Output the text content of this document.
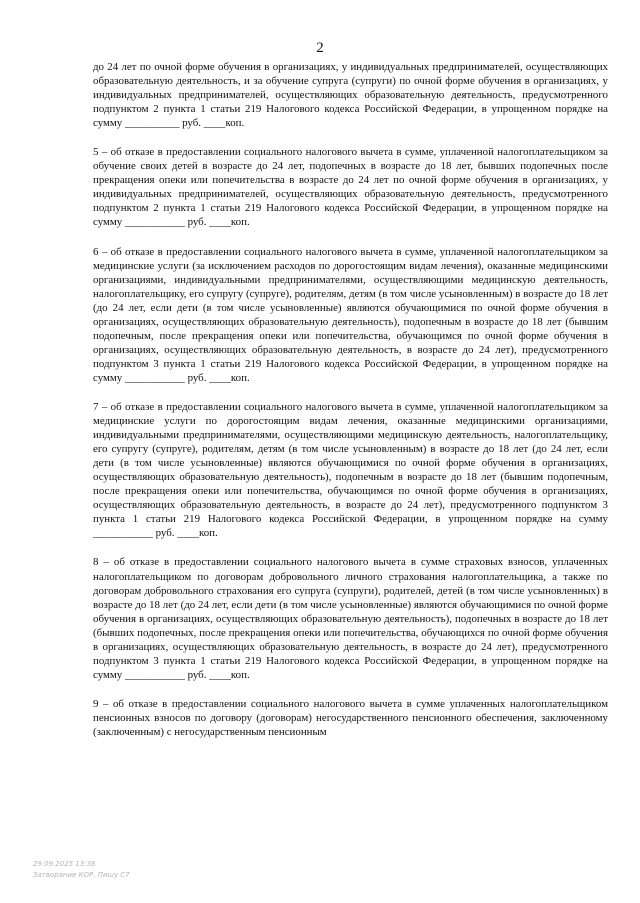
2

до 24 лет по очной форме обучения в организациях, у индивидуальных предпринимателей, осуществляющих образовательную деятельность, и за обучение супруга (супруги) по очной форме обучения в организациях, у индивидуальных предпринимателей, осуществляющих образовательную деятельность, предусмотренного подпунктом 2 пункта 1 статьи 219 Налогового кодекса Российской Федерации, в упрощенном порядке на сумму __________ руб. ____коп.

5 – об отказе в предоставлении социального налогового вычета в сумме, уплаченной налогоплательщиком за обучение своих детей в возрасте до 24 лет, подопечных в возрасте до 18 лет, бывших подопечных после прекращения опеки или попечительства в возрасте до 24 лет по очной форме обучения в организациях, у индивидуальных предпринимателей, осуществляющих образовательную деятельность, предусмотренного подпунктом 2 пункта 1 статьи 219 Налогового кодекса Российской Федерации, в упрощенном порядке на сумму ___________ руб. ____коп.

6 – об отказе в предоставлении социального налогового вычета в сумме, уплаченной налогоплательщиком за медицинские услуги (за исключением расходов по дорогостоящим видам лечения), оказанные медицинскими организациями, индивидуальными предпринимателями, осуществляющими медицинскую деятельность, налогоплательщику, его супругу (супруге), родителям, детям (в том числе усыновленным) в возрасте до 18 лет (до 24 лет, если дети (в том числе усыновленные) являются обучающимися по очной форме обучения в организациях, осуществляющих образовательную деятельность), подопечным в возрасте до 18 лет (бывшим подопечным, после прекращения опеки или попечительства, обучающимся по очной форме обучения в организациях, осуществляющих образовательную деятельность, в возрасте до 24 лет), предусмотренного подпунктом 3 пункта 1 статьи 219 Налогового кодекса Российской Федерации, в упрощенном порядке на сумму ___________ руб. ____коп.

7 – об отказе в предоставлении социального налогового вычета в сумме, уплаченной налогоплательщиком за медицинские услуги по дорогостоящим видам лечения, оказанные медицинскими организациями, индивидуальными предпринимателями, осуществляющими медицинскую деятельность, налогоплательщику, его супругу (супруге), родителям, детям (в том числе усыновленным) в возрасте до 18 лет (до 24 лет, если дети (в том числе усыновленные) являются обучающимися по очной форме обучения в организациях, осуществляющих образовательную деятельность), подопечным в возрасте до 18 лет (бывшим подопечным, после прекращения опеки или попечительства, обучающимся по очной форме обучения в организациях, осуществляющих образовательную деятельность, в возрасте до 24 лет), предусмотренного подпунктом 3 пункта 1 статьи 219 Налогового кодекса Российской Федерации, в упрощенном порядке на сумму ___________ руб. ____коп.

8 – об отказе в предоставлении социального налогового вычета в сумме страховых взносов, уплаченных налогоплательщиком по договорам добровольного личного страхования налогоплательщика, а также по договорам добровольного страхования его супруга (супруги), родителей, детей (в том числе усыновленных) в возрасте до 18 лет (до 24 лет, если дети (в том числе усыновленные) являются обучающимися по очной форме обучения в организациях, осуществляющих образовательную деятельность), подопечных в возрасте до 18 лет (бывших подопечных, после прекращения опеки или попечительства, обучающихся по очной форме обучения в организациях, осуществляющих образовательную деятельность, в возрасте до 24 лет), предусмотренного подпунктом 3 пункта 1 статьи 219 Налогового кодекса Российской Федерации, в упрощенном порядке на сумму ___________ руб. ____коп.

9 – об отказе в предоставлении социального налогового вычета в сумме уплаченных налогоплательщиком пенсионных взносов по договору (договорам) негосударственного пенсионного обеспечения, заключенному (заключенным) с негосударственным пенсионным

29.09.2025 13:38
Затворяние КОР. Пишу С7
